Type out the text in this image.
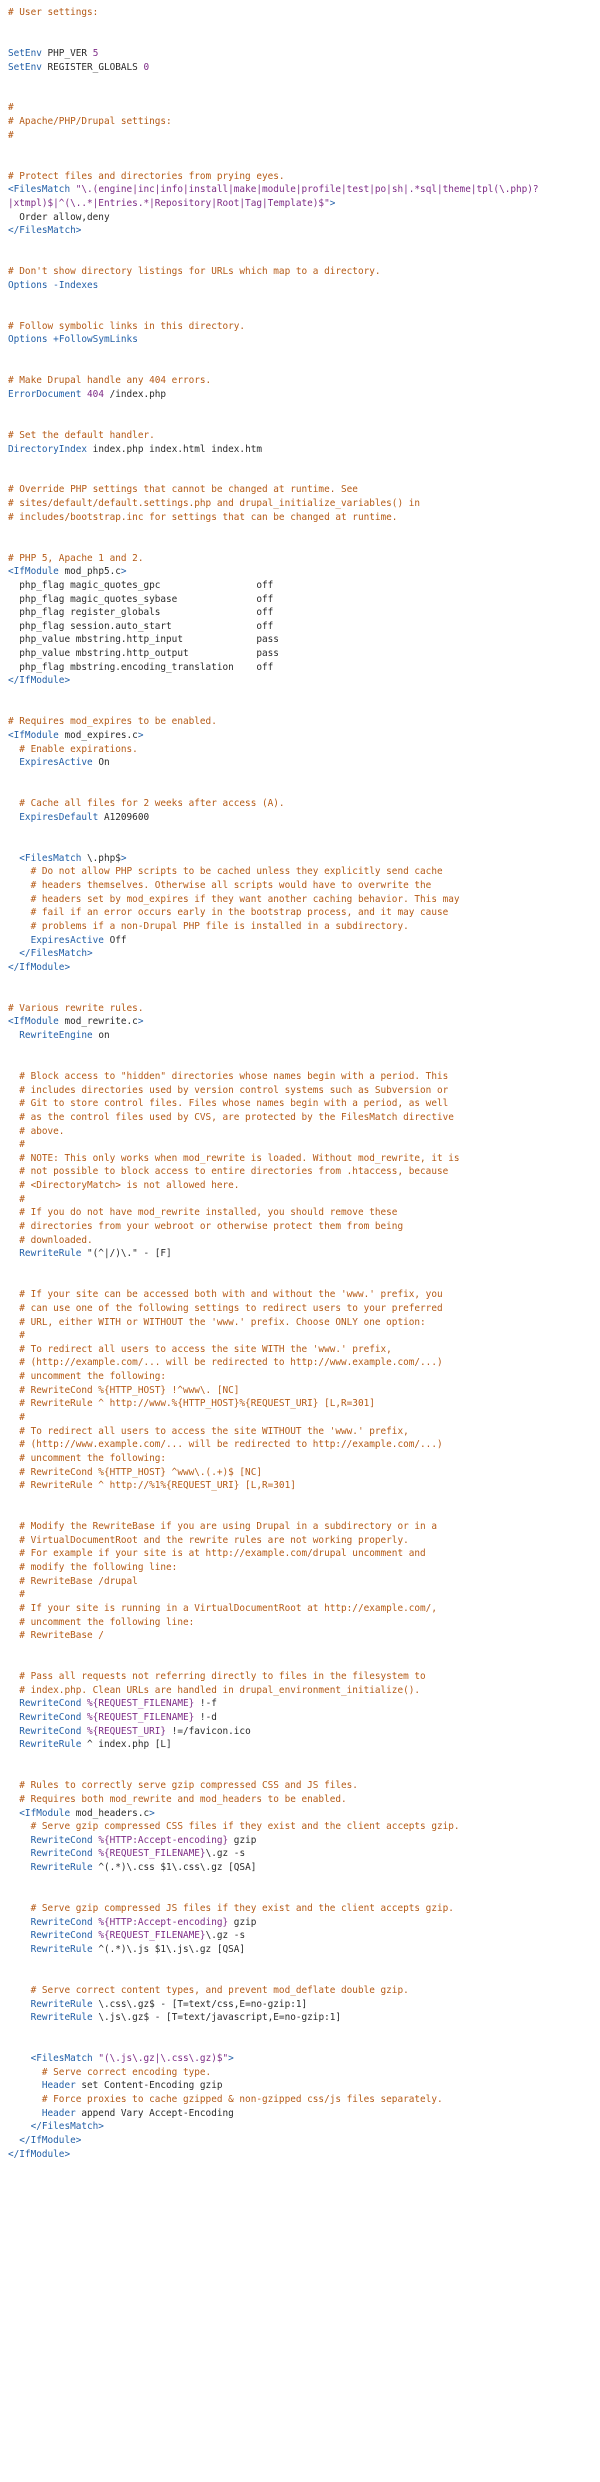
# User settings:
SetEnv PHP_VER 5
SetEnv REGISTER_GLOBALS 0
#
# Apache/PHP/Drupal settings:
#
# Protect files and directories from prying eyes.
<FilesMatch "\.(engine|inc|info|install|make|module|profile|test|po|sh|.*sql|theme|tpl(\.php)?
|xtmpl)$|^(\..*|Entries.*|Repository|Root|Tag|Template)$">
Order allow,deny
</FilesMatch>
# Don't show directory listings for URLs which map to a directory.
Options -Indexes
# Follow symbolic links in this directory.
Options +FollowSymLinks
# Make Drupal handle any 404 errors.
ErrorDocument 404 /index.php
# Set the default handler.
DirectoryIndex index.php index.html index.htm
# Override PHP settings that cannot be changed at runtime. See
# sites/default/default.settings.php and drupal_initialize_variables() in
# includes/bootstrap.inc for settings that can be changed at runtime.
# PHP 5, Apache 1 and 2.
<IfModule mod_php5.c>
php_flag magic_quotes_gpc                 off
php_flag magic_quotes_sybase              off
php_flag register_globals                 off
php_flag session.auto_start               off
php_value mbstring.http_input             pass
php_value mbstring.http_output            pass
php_flag mbstring.encoding_translation    off
</IfModule>
# Requires mod_expires to be enabled.
<IfModule mod_expires.c>
# Enable expirations.
ExpiresActive On
# Cache all files for 2 weeks after access (A).
ExpiresDefault A1209600
<FilesMatch \.php$>
# Do not allow PHP scripts to be cached unless they explicitly send cache
# headers themselves. Otherwise all scripts would have to overwrite the
# headers set by mod_expires if they want another caching behavior. This may
# fail if an error occurs early in the bootstrap process, and it may cause
# problems if a non-Drupal PHP file is installed in a subdirectory.
ExpiresActive Off
</FilesMatch>
</IfModule>
# Various rewrite rules.
<IfModule mod_rewrite.c>
RewriteEngine on
# Block access to "hidden" directories whose names begin with a period. This
# includes directories used by version control systems such as Subversion or
# Git to store control files. Files whose names begin with a period, as well
# as the control files used by CVS, are protected by the FilesMatch directive
# above.
#
# NOTE: This only works when mod_rewrite is loaded. Without mod_rewrite, it is
# not possible to block access to entire directories from .htaccess, because
# <DirectoryMatch> is not allowed here.
#
# If you do not have mod_rewrite installed, you should remove these
# directories from your webroot or otherwise protect them from being
# downloaded.
RewriteRule "(^|/)\." - [F]
# If your site can be accessed both with and without the 'www.' prefix, you
# can use one of the following settings to redirect users to your preferred
# URL, either WITH or WITHOUT the 'www.' prefix. Choose ONLY one option:
#
# To redirect all users to access the site WITH the 'www.' prefix,
# (http://example.com/... will be redirected to http://www.example.com/...)
# uncomment the following:
# RewriteCond %{HTTP_HOST} !^www\. [NC]
# RewriteRule ^ http://www.%{HTTP_HOST}%{REQUEST_URI} [L,R=301]
#
# To redirect all users to access the site WITHOUT the 'www.' prefix,
# (http://www.example.com/... will be redirected to http://example.com/...)
# uncomment the following:
# RewriteCond %{HTTP_HOST} ^www\.(.+)$ [NC]
# RewriteRule ^ http://%1%{REQUEST_URI} [L,R=301]
# Modify the RewriteBase if you are using Drupal in a subdirectory or in a
# VirtualDocumentRoot and the rewrite rules are not working properly.
# For example if your site is at http://example.com/drupal uncomment and
# modify the following line:
# RewriteBase /drupal
#
# If your site is running in a VirtualDocumentRoot at http://example.com/,
# uncomment the following line:
# RewriteBase /
# Pass all requests not referring directly to files in the filesystem to
# index.php. Clean URLs are handled in drupal_environment_initialize().
RewriteCond %{REQUEST_FILENAME} !-f
RewriteCond %{REQUEST_FILENAME} !-d
RewriteCond %{REQUEST_URI} !=/favicon.ico
RewriteRule ^ index.php [L]
# Rules to correctly serve gzip compressed CSS and JS files.
# Requires both mod_rewrite and mod_headers to be enabled.
<IfModule mod_headers.c>
# Serve gzip compressed CSS files if they exist and the client accepts gzip.
RewriteCond %{HTTP:Accept-encoding} gzip
RewriteCond %{REQUEST_FILENAME}\.gz -s
RewriteRule ^(.*)\.css $1\.css\.gz [QSA]
# Serve gzip compressed JS files if they exist and the client accepts gzip.
RewriteCond %{HTTP:Accept-encoding} gzip
RewriteCond %{REQUEST_FILENAME}\.gz -s
RewriteRule ^(.*)\.js $1\.js\.gz [QSA]
# Serve correct content types, and prevent mod_deflate double gzip.
RewriteRule \.css\.gz$ - [T=text/css,E=no-gzip:1]
RewriteRule \.js\.gz$ - [T=text/javascript,E=no-gzip:1]
<FilesMatch "(\.js\.gz|\.css\.gz)$">
# Serve correct encoding type.
Header set Content-Encoding gzip
# Force proxies to cache gzipped & non-gzipped css/js files separately.
Header append Vary Accept-Encoding
</FilesMatch>
</IfModule>
</IfModule>
